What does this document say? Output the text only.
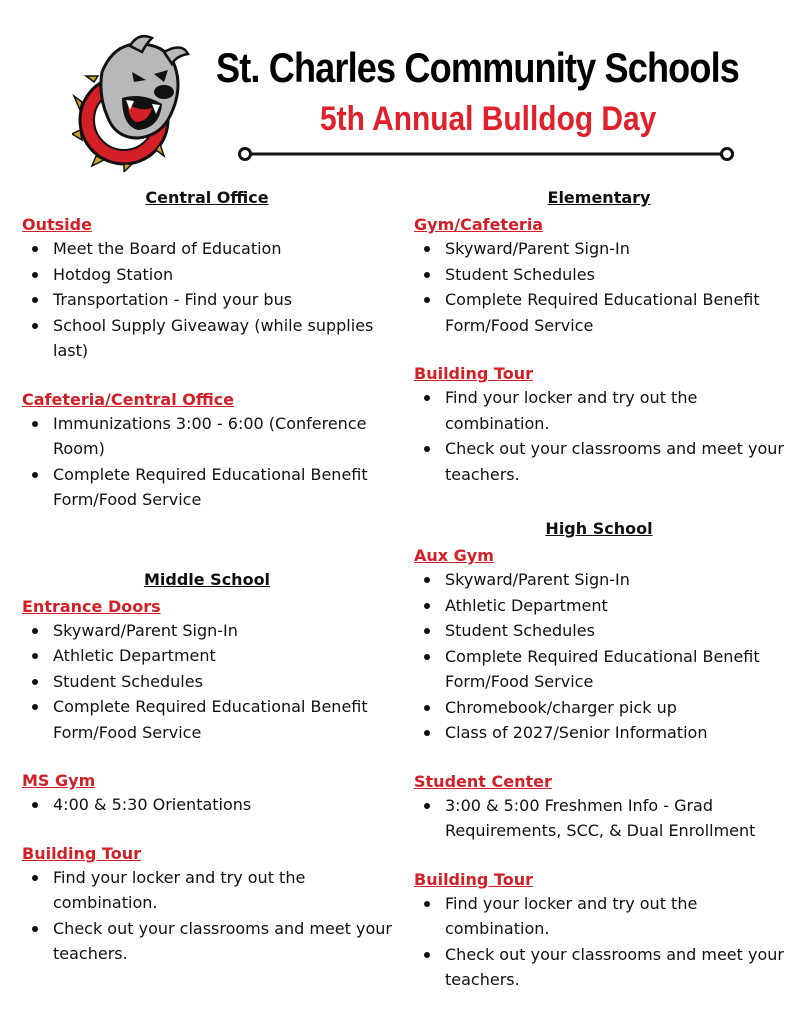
St. Charles Community Schools
5th Annual Bulldog Day
Central Office
Outside
Meet the Board of Education
Hotdog Station
Transportation - Find your bus
School Supply Giveaway (while supplies last)
Cafeteria/Central Office
Immunizations 3:00 - 6:00 (Conference Room)
Complete Required Educational Benefit Form/Food Service
Middle School
Entrance Doors
Skyward/Parent Sign-In
Athletic Department
Student Schedules
Complete Required Educational Benefit Form/Food Service
MS Gym
4:00 & 5:30 Orientations
Building Tour
Find your locker and try out the combination.
Check out your classrooms and meet your teachers.
Elementary
Gym/Cafeteria
Skyward/Parent Sign-In
Student Schedules
Complete Required Educational Benefit Form/Food Service
Building Tour
Find your locker and try out the combination.
Check out your classrooms and meet your teachers.
High School
Aux Gym
Skyward/Parent Sign-In
Athletic Department
Student Schedules
Complete Required Educational Benefit Form/Food Service
Chromebook/charger pick up
Class of 2027/Senior Information
Student Center
3:00 & 5:00 Freshmen Info - Grad Requirements, SCC, & Dual Enrollment
Building Tour
Find your locker and try out the combination.
Check out your classrooms and meet your teachers.
